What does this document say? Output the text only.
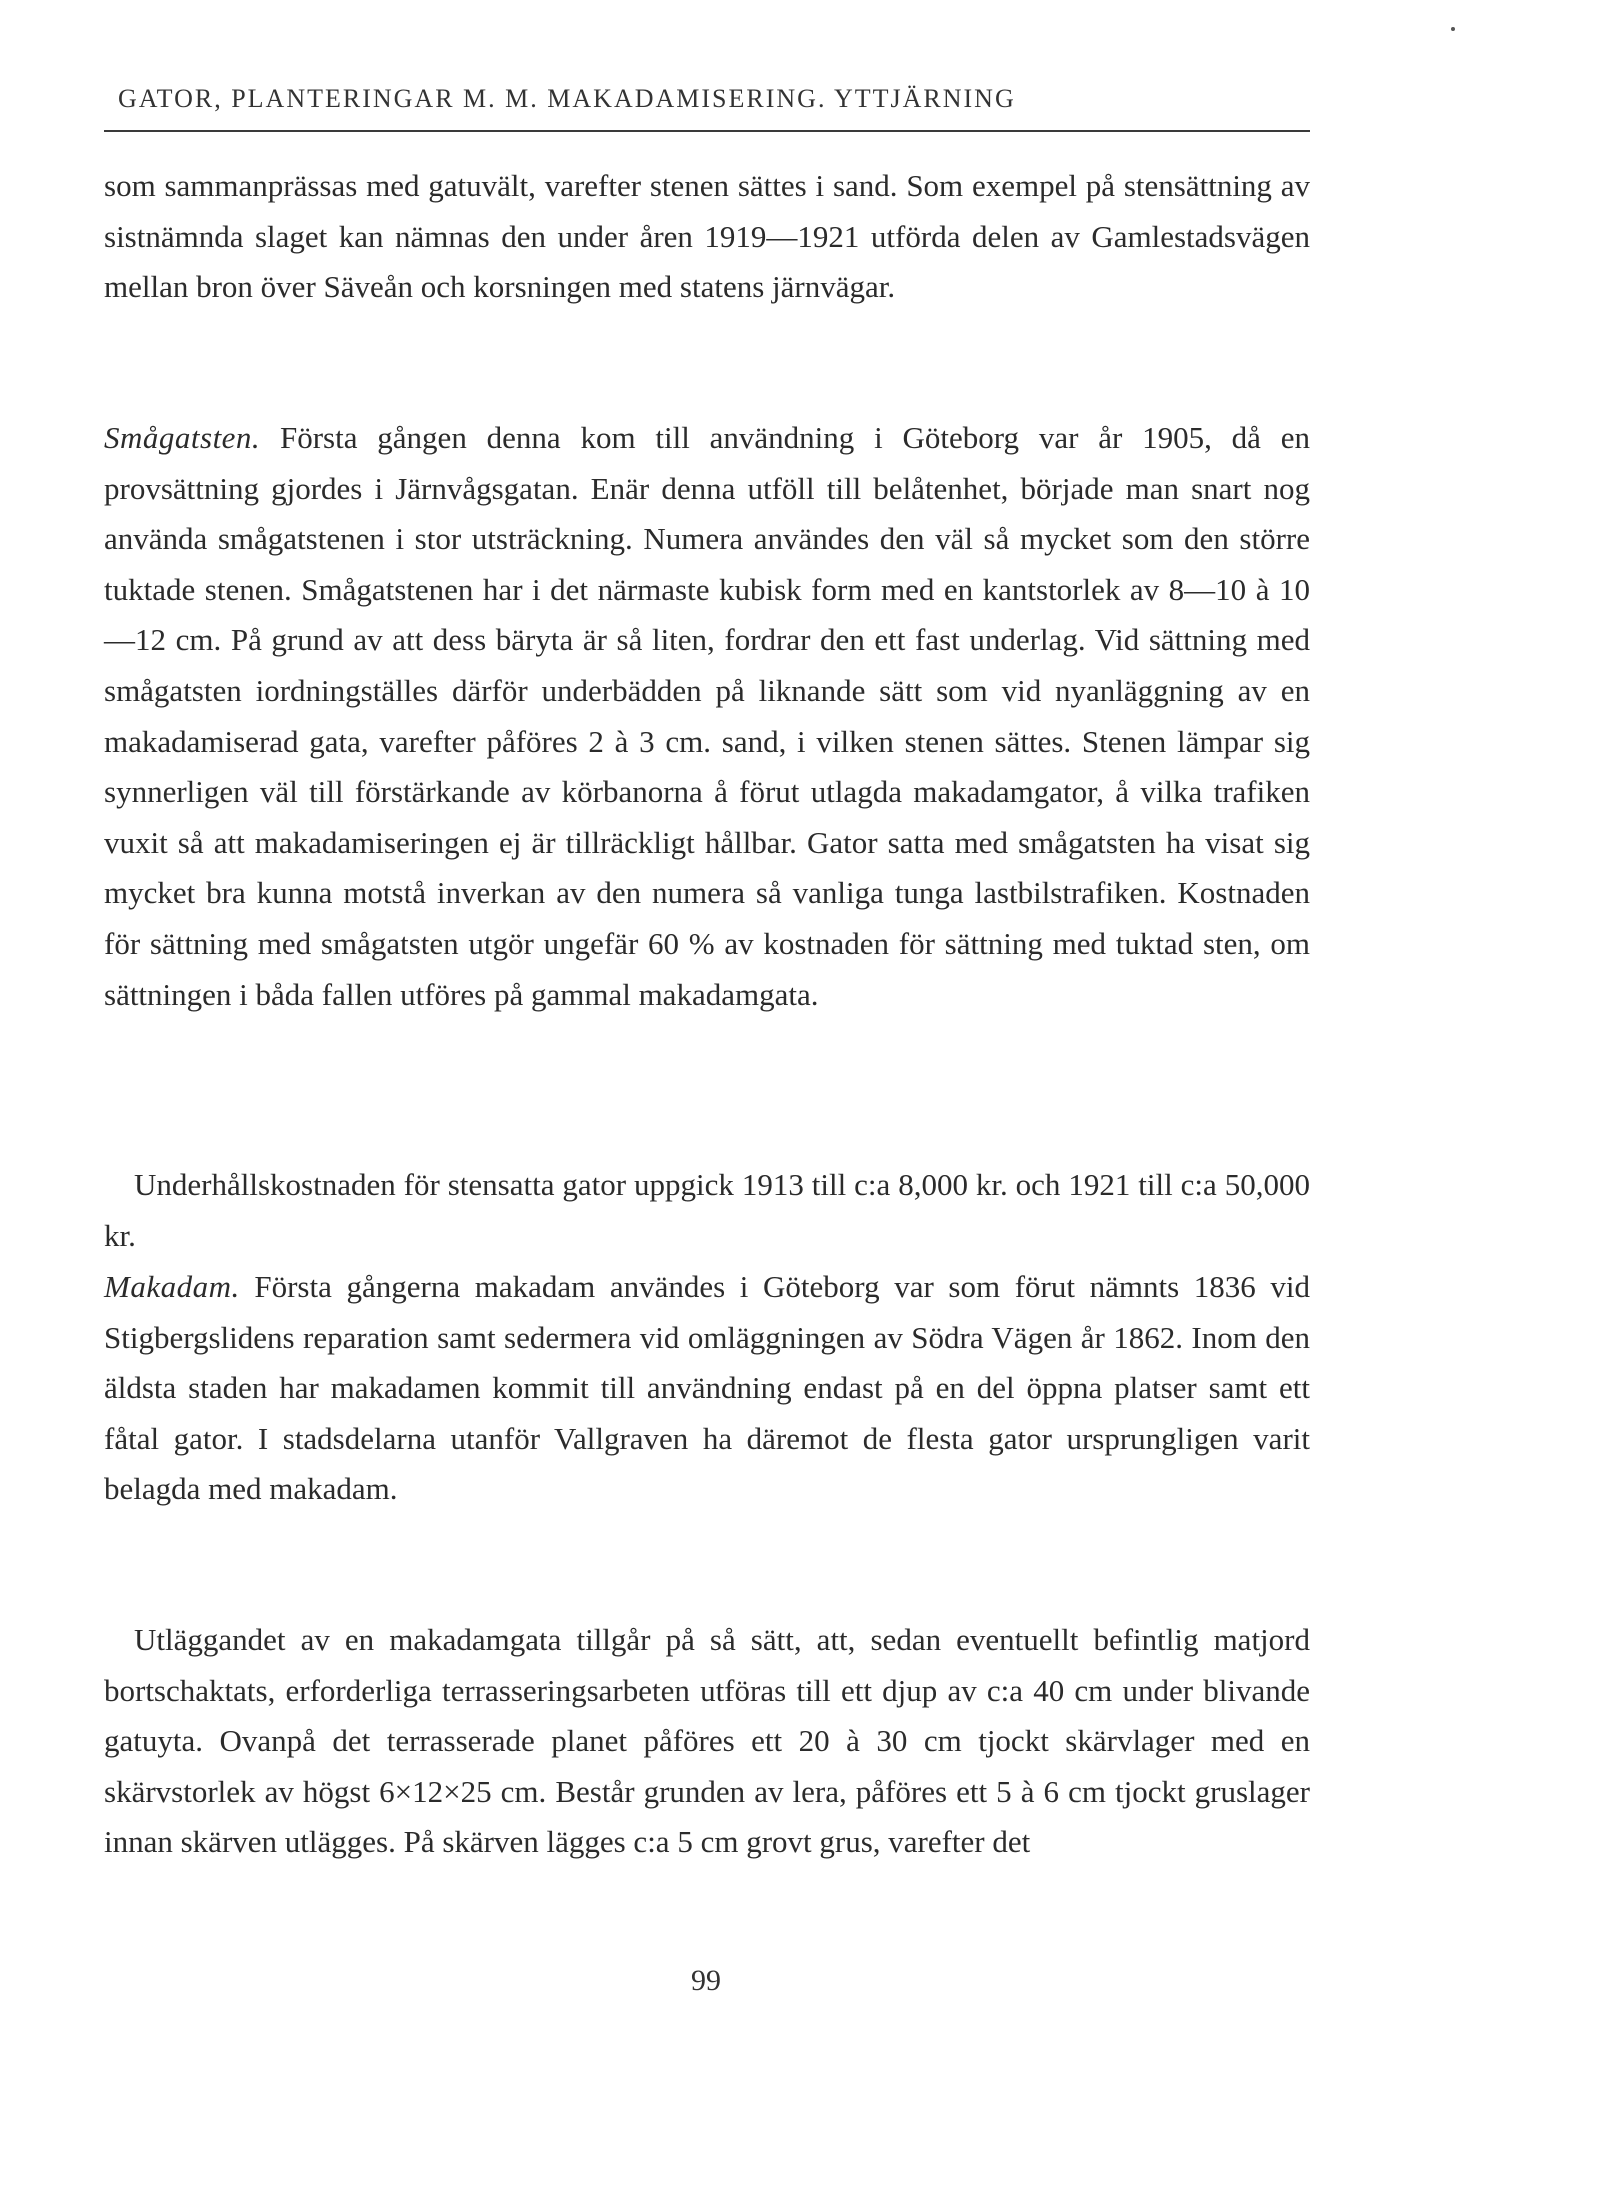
GATOR, PLANTERINGAR M. M. MAKADAMISERING. YTTJÄRNING

som sammanprässas med gatuvält, varefter stenen sättes i sand. Som exempel på stensättning av sistnämnda slaget kan nämnas den under åren 1919—1921 utförda delen av Gamlestadsvägen mellan bron över Säveån och korsningen med statens järnvägar.

Smågatsten. Första gången denna kom till användning i Göteborg var år 1905, då en provsättning gjordes i Järnvågsgatan. Enär denna utföll till belåtenhet, började man snart nog använda smågatstenen i stor utsträckning. Numera användes den väl så mycket som den större tuktade stenen. Smågatstenen har i det närmaste kubisk form med en kantstorlek av 8—10 à 10—12 cm. På grund av att dess bäryta är så liten, fordrar den ett fast underlag. Vid sättning med smågatsten iordningställes därför underbädden på liknande sätt som vid nyanläggning av en makadamiserad gata, varefter påföres 2 à 3 cm. sand, i vilken stenen sättes. Stenen lämpar sig synnerligen väl till förstärkande av körbanorna å förut utlagda makadamgator, å vilka trafiken vuxit så att makadamiseringen ej är tillräckligt hållbar. Gator satta med smågatsten ha visat sig mycket bra kunna motstå inverkan av den numera så vanliga tunga lastbilstrafiken. Kostnaden för sättning med smågatsten utgör ungefär 60 % av kostnaden för sättning med tuktad sten, om sättningen i båda fallen utföres på gammal makadamgata.

Underhållskostnaden för stensatta gator uppgick 1913 till c:a 8,000 kr. och 1921 till c:a 50,000 kr.

Makadam. Första gångerna makadam användes i Göteborg var som förut nämnts 1836 vid Stigbergslidens reparation samt sedermera vid omläggningen av Södra Vägen år 1862. Inom den äldsta staden har makadamen kommit till användning endast på en del öppna platser samt ett fåtal gator. I stadsdelarna utanför Vallgraven ha däremot de flesta gator ursprungligen varit belagda med makadam.

Utläggandet av en makadamgata tillgår på så sätt, att, sedan eventuellt befintlig matjord bortschaktats, erforderliga terrasseringsarbeten utföras till ett djup av c:a 40 cm under blivande gatuyta. Ovanpå det terrasserade planet påföres ett 20 à 30 cm tjockt skärvlager med en skärvstorlek av högst 6×12×25 cm. Består grunden av lera, påföres ett 5 à 6 cm tjockt gruslager innan skärven utlägges. På skärven lägges c:a 5 cm grovt grus, varefter det

99
